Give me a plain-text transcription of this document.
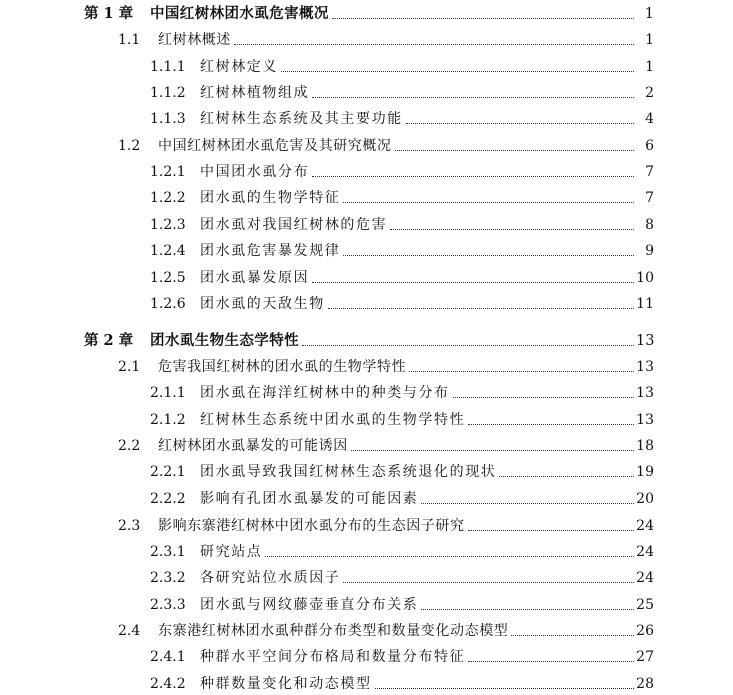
第 1 章	中国红树林团水虱危害概况	1
1.1	红树林概述	1
1.1.1	红树林定义	1
1.1.2	红树林植物组成	2
1.1.3	红树林生态系统及其主要功能	4
1.2	中国红树林团水虱危害及其研究概况	6
1.2.1	中国团水虱分布	7
1.2.2	团水虱的生物学特征	7
1.2.3	团水虱对我国红树林的危害	8
1.2.4	团水虱危害暴发规律	9
1.2.5	团水虱暴发原因	10
1.2.6	团水虱的天敌生物	11
第 2 章	团水虱生物生态学特性	13
2.1	危害我国红树林的团水虱的生物学特性	13
2.1.1	团水虱在海洋红树林中的种类与分布	13
2.1.2	红树林生态系统中团水虱的生物学特性	13
2.2	红树林团水虱暴发的可能诱因	18
2.2.1	团水虱导致我国红树林生态系统退化的现状	19
2.2.2	影响有孔团水虱暴发的可能因素	20
2.3	影响东寨港红树林中团水虱分布的生态因子研究	24
2.3.1	研究站点	24
2.3.2	各研究站位水质因子	24
2.3.3	团水虱与网纹藤壶垂直分布关系	25
2.4	东寨港红树林团水虱种群分布类型和数量变化动态模型	26
2.4.1	种群水平空间分布格局和数量分布特征	27
2.4.2	种群数量变化和动态模型	28
